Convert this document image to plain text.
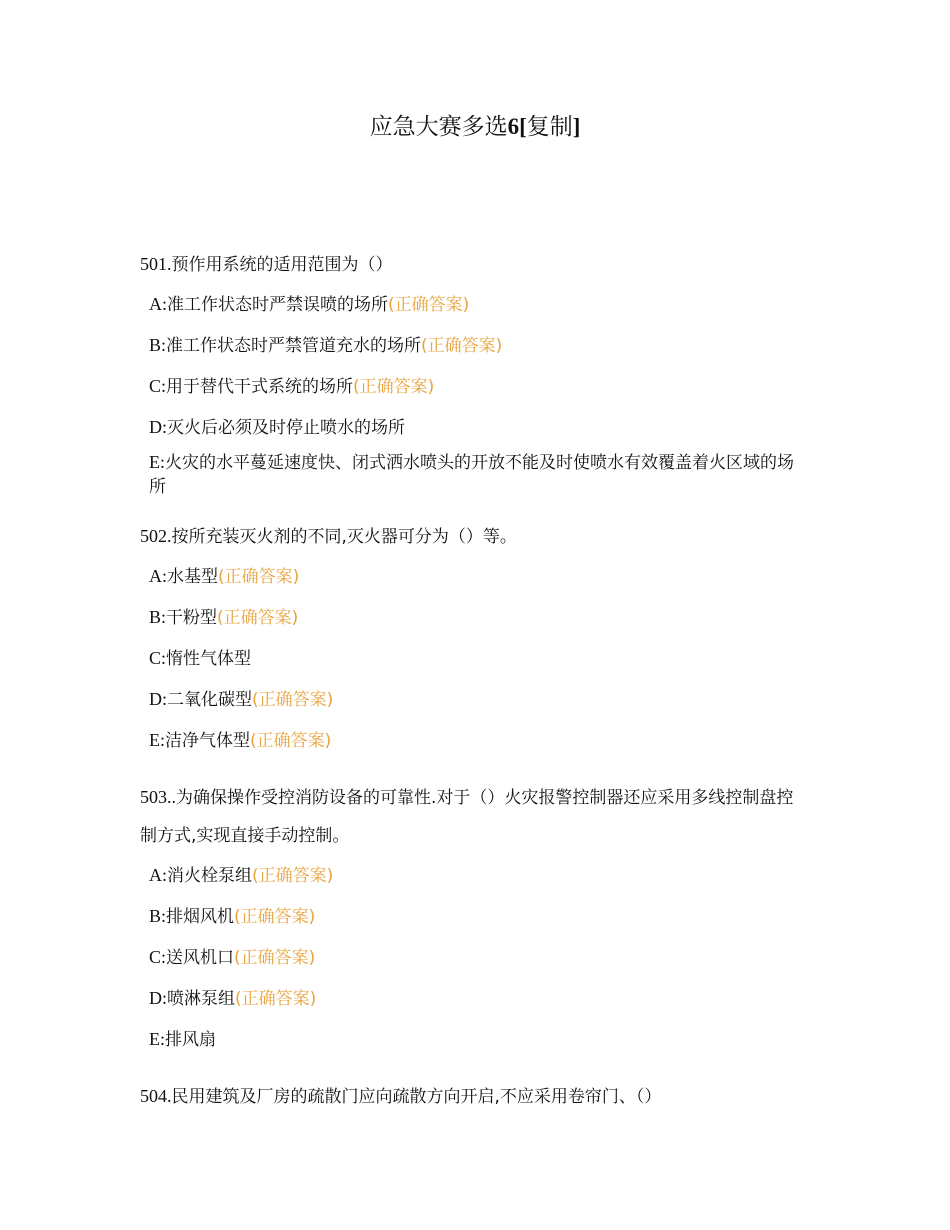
应急大赛多选6[复制]

501.预作用系统的适用范围为（）

A:准工作状态时严禁误喷的场所(正确答案)

B:准工作状态时严禁管道充水的场所(正确答案)

C:用于替代干式系统的场所(正确答案)

D:灭火后必须及时停止喷水的场所

E:火灾的水平蔓延速度快、闭式洒水喷头的开放不能及时使喷水有效覆盖着火区域的场所

502.按所充装灭火剂的不同,灭火器可分为（）等。

A:水基型(正确答案)

B:干粉型(正确答案)

C:惰性气体型

D:二氧化碳型(正确答案)

E:洁净气体型(正确答案)

503..为确保操作受控消防设备的可靠性.对于（）火灾报警控制器还应采用多线控制盘控制方式,实现直接手动控制。

A:消火栓泵组(正确答案)

B:排烟风机(正确答案)

C:送风机口(正确答案)

D:喷淋泵组(正确答案)

E:排风扇

504.民用建筑及厂房的疏散门应向疏散方向开启,不应采用卷帘门、（）
